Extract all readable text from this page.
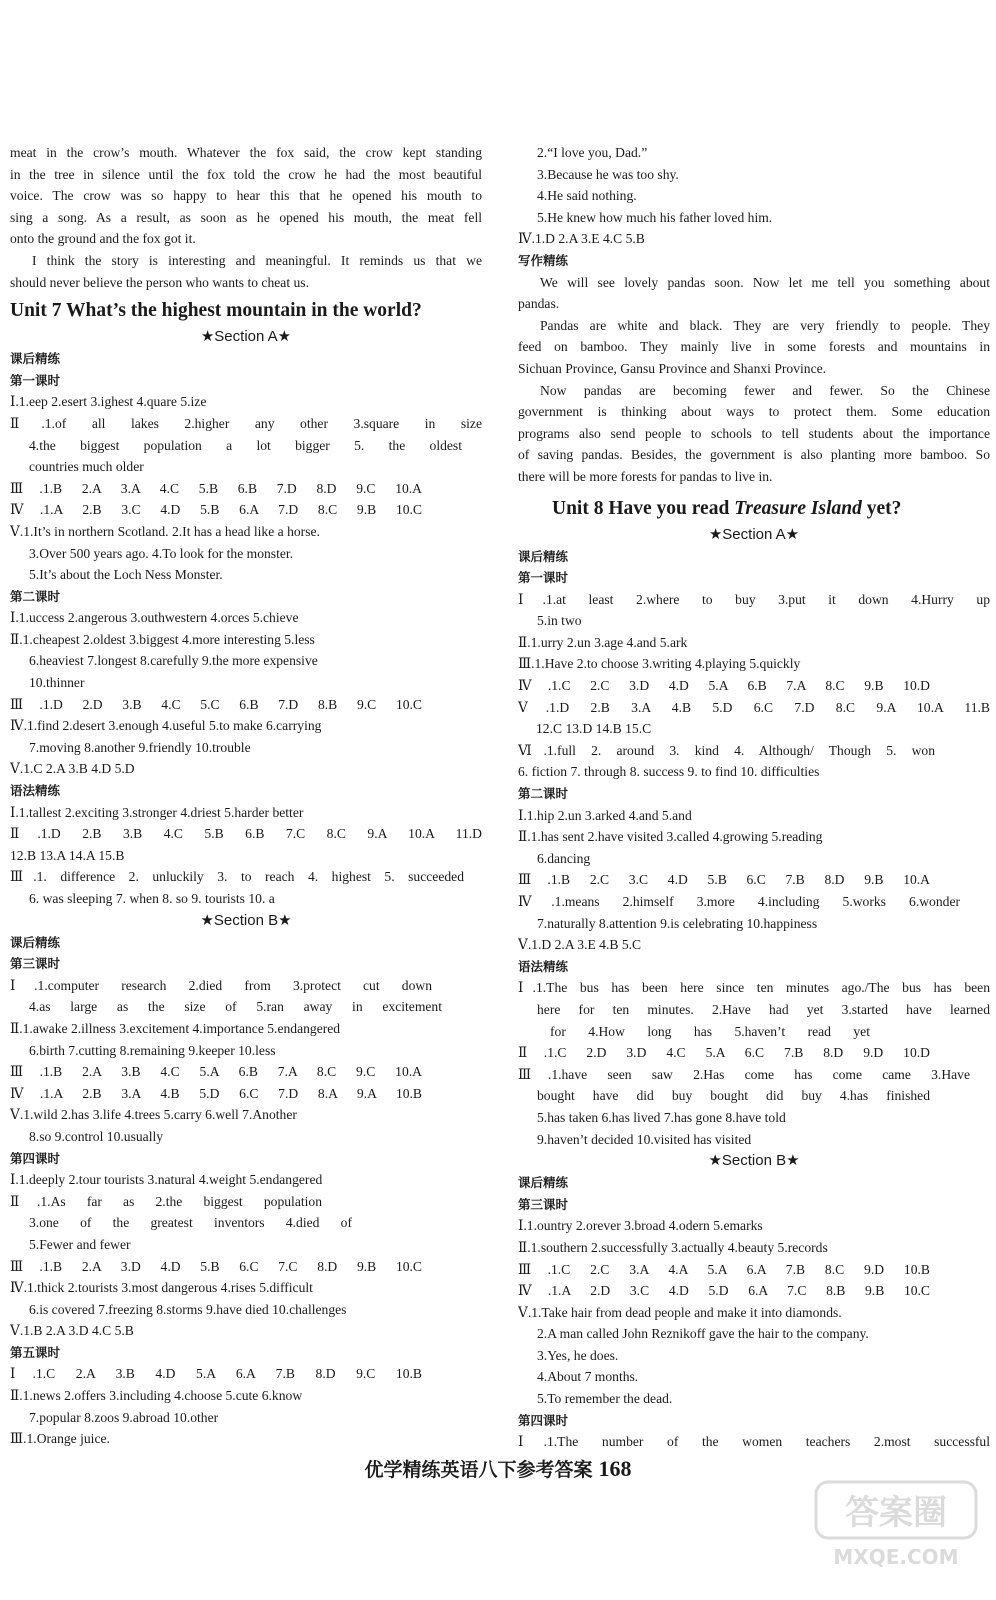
meat in the crow’s mouth. Whatever the fox said, the crow kept standing
in the tree in silence until the fox told the crow he had the most beautiful
voice. The crow was so happy to hear this that he opened his mouth to
sing a song. As a result, as soon as he opened his mouth, the meat fell
onto the ground and the fox got it.
I think the story is interesting and meaningful. It reminds us that we
should never believe the person who wants to cheat us.
Unit 7 What’s the highest mountain in the world?
★Section A★
课后精练
第一课时
Ⅰ.1.eep 2.esert 3.ighest 4.quare 5.ize
Ⅱ.1.of all lakes 2.higher any other 3.square in size
4.the biggest population a lot bigger 5. the oldest
countries much older
Ⅲ.1.B 2.A 3.A 4.C 5.B 6.B 7.D 8.D 9.C 10.A
Ⅳ.1.A 2.B 3.C 4.D 5.B 6.A 7.D 8.C 9.B 10.C
Ⅴ.1.It’s in northern Scotland. 2.It has a head like a horse.
3.Over 500 years ago. 4.To look for the monster.
5.It’s about the Loch Ness Monster.
第二课时
Ⅰ.1.uccess 2.angerous 3.outhwestern 4.orces 5.chieve
Ⅱ.1.cheapest 2.oldest 3.biggest 4.more interesting 5.less
6.heaviest 7.longest 8.carefully 9.the more expensive
10.thinner
Ⅲ.1.D 2.D 3.B 4.C 5.C 6.B 7.D 8.B 9.C 10.C
Ⅳ.1.find 2.desert 3.enough 4.useful 5.to make 6.carrying
7.moving 8.another 9.friendly 10.trouble
Ⅴ.1.C 2.A 3.B 4.D 5.D
语法精练
Ⅰ.1.tallest 2.exciting 3.stronger 4.driest 5.harder better
Ⅱ.1.D 2.B 3.B 4.C 5.B 6.B 7.C 8.C 9.A 10.A 11.D
12.B 13.A 14.A 15.B
Ⅲ.1. difference 2. unluckily 3. to reach 4. highest 5. succeeded
6. was sleeping 7. when 8. so 9. tourists 10. a
★Section B★
课后精练
第三课时
Ⅰ.1.computer research 2.died from 3.protect cut down
4.as large as the size of 5.ran away in excitement
Ⅱ.1.awake 2.illness 3.excitement 4.importance 5.endangered
6.birth 7.cutting 8.remaining 9.keeper 10.less
Ⅲ.1.B 2.A 3.B 4.C 5.A 6.B 7.A 8.C 9.C 10.A
Ⅳ.1.A 2.B 3.A 4.B 5.D 6.C 7.D 8.A 9.A 10.B
Ⅴ.1.wild 2.has 3.life 4.trees 5.carry 6.well 7.Another
8.so 9.control 10.usually
第四课时
Ⅰ.1.deeply 2.tour tourists 3.natural 4.weight 5.endangered
Ⅱ.1.As far as 2.the biggest population
3.one of the greatest inventors 4.died of
5.Fewer and fewer
Ⅲ.1.B 2.A 3.D 4.D 5.B 6.C 7.C 8.D 9.B 10.C
Ⅳ.1.thick 2.tourists 3.most dangerous 4.rises 5.difficult
6.is covered 7.freezing 8.storms 9.have died 10.challenges
Ⅴ.1.B 2.A 3.D 4.C 5.B
第五课时
Ⅰ.1.C 2.A 3.B 4.D 5.A 6.A 7.B 8.D 9.C 10.B
Ⅱ.1.news 2.offers 3.including 4.choose 5.cute 6.know
7.popular 8.zoos 9.abroad 10.other
Ⅲ.1.Orange juice.
2.“I love you, Dad.”
3.Because he was too shy.
4.He said nothing.
5.He knew how much his father loved him.
Ⅳ.1.D 2.A 3.E 4.C 5.B
写作精练
We will see lovely pandas soon. Now let me tell you something about
pandas.
Pandas are white and black. They are very friendly to people. They
feed on bamboo. They mainly live in some forests and mountains in
Sichuan Province, Gansu Province and Shanxi Province.
Now pandas are becoming fewer and fewer. So the Chinese
government is thinking about ways to protect them. Some education
programs also send people to schools to tell students about the importance
of saving pandas. Besides, the government is also planting more bamboo. So
there will be more forests for pandas to live in.
Unit 8 Have you read Treasure Island yet?
★Section A★
课后精练
第一课时
Ⅰ.1.at least 2.where to buy 3.put it down 4.Hurry up
5.in two
Ⅱ.1.urry 2.un 3.age 4.and 5.ark
Ⅲ.1.Have 2.to choose 3.writing 4.playing 5.quickly
Ⅳ.1.C 2.C 3.D 4.D 5.A 6.B 7.A 8.C 9.B 10.D
Ⅴ.1.D 2.B 3.A 4.B 5.D 6.C 7.D 8.C 9.A 10.A 11.B
12.C 13.D 14.B 15.C
Ⅵ.1.full 2. around 3. kind 4. Although/ Though 5. won
6. fiction 7. through 8. success 9. to find 10. difficulties
第二课时
Ⅰ.1.hip 2.un 3.arked 4.and 5.and
Ⅱ.1.has sent 2.have visited 3.called 4.growing 5.reading
6.dancing
Ⅲ.1.B 2.C 3.C 4.D 5.B 6.C 7.B 8.D 9.B 10.A
Ⅳ.1.means 2.himself 3.more 4.including 5.works 6.wonder
7.naturally 8.attention 9.is celebrating 10.happiness
Ⅴ.1.D 2.A 3.E 4.B 5.C
语法精练
Ⅰ.1.The bus has been here since ten minutes ago./The bus has been
here for ten minutes. 2.Have had yet 3.started have learned
for 4.How long has 5.haven’t read yet
Ⅱ.1.C 2.D 3.D 4.C 5.A 6.C 7.B 8.D 9.D 10.D
Ⅲ.1.have seen saw 2.Has come has come came 3.Have
bought have did buy bought did buy 4.has finished
5.has taken 6.has lived 7.has gone 8.have told
9.haven’t decided 10.visited has visited
★Section B★
课后精练
第三课时
Ⅰ.1.ountry 2.orever 3.broad 4.odern 5.emarks
Ⅱ.1.southern 2.successfully 3.actually 4.beauty 5.records
Ⅲ.1.C 2.C 3.A 4.A 5.A 6.A 7.B 8.C 9.D 10.B
Ⅳ.1.A 2.D 3.C 4.D 5.D 6.A 7.C 8.B 9.B 10.C
Ⅴ.1.Take hair from dead people and make it into diamonds.
2.A man called John Reznikoff gave the hair to the company.
3.Yes, he does.
4.About 7 months.
5.To remember the dead.
第四课时
Ⅰ.1.The number of the women teachers 2.most successful
优学精练英语八下参考答案 168
答案圈
MXQE.COM
